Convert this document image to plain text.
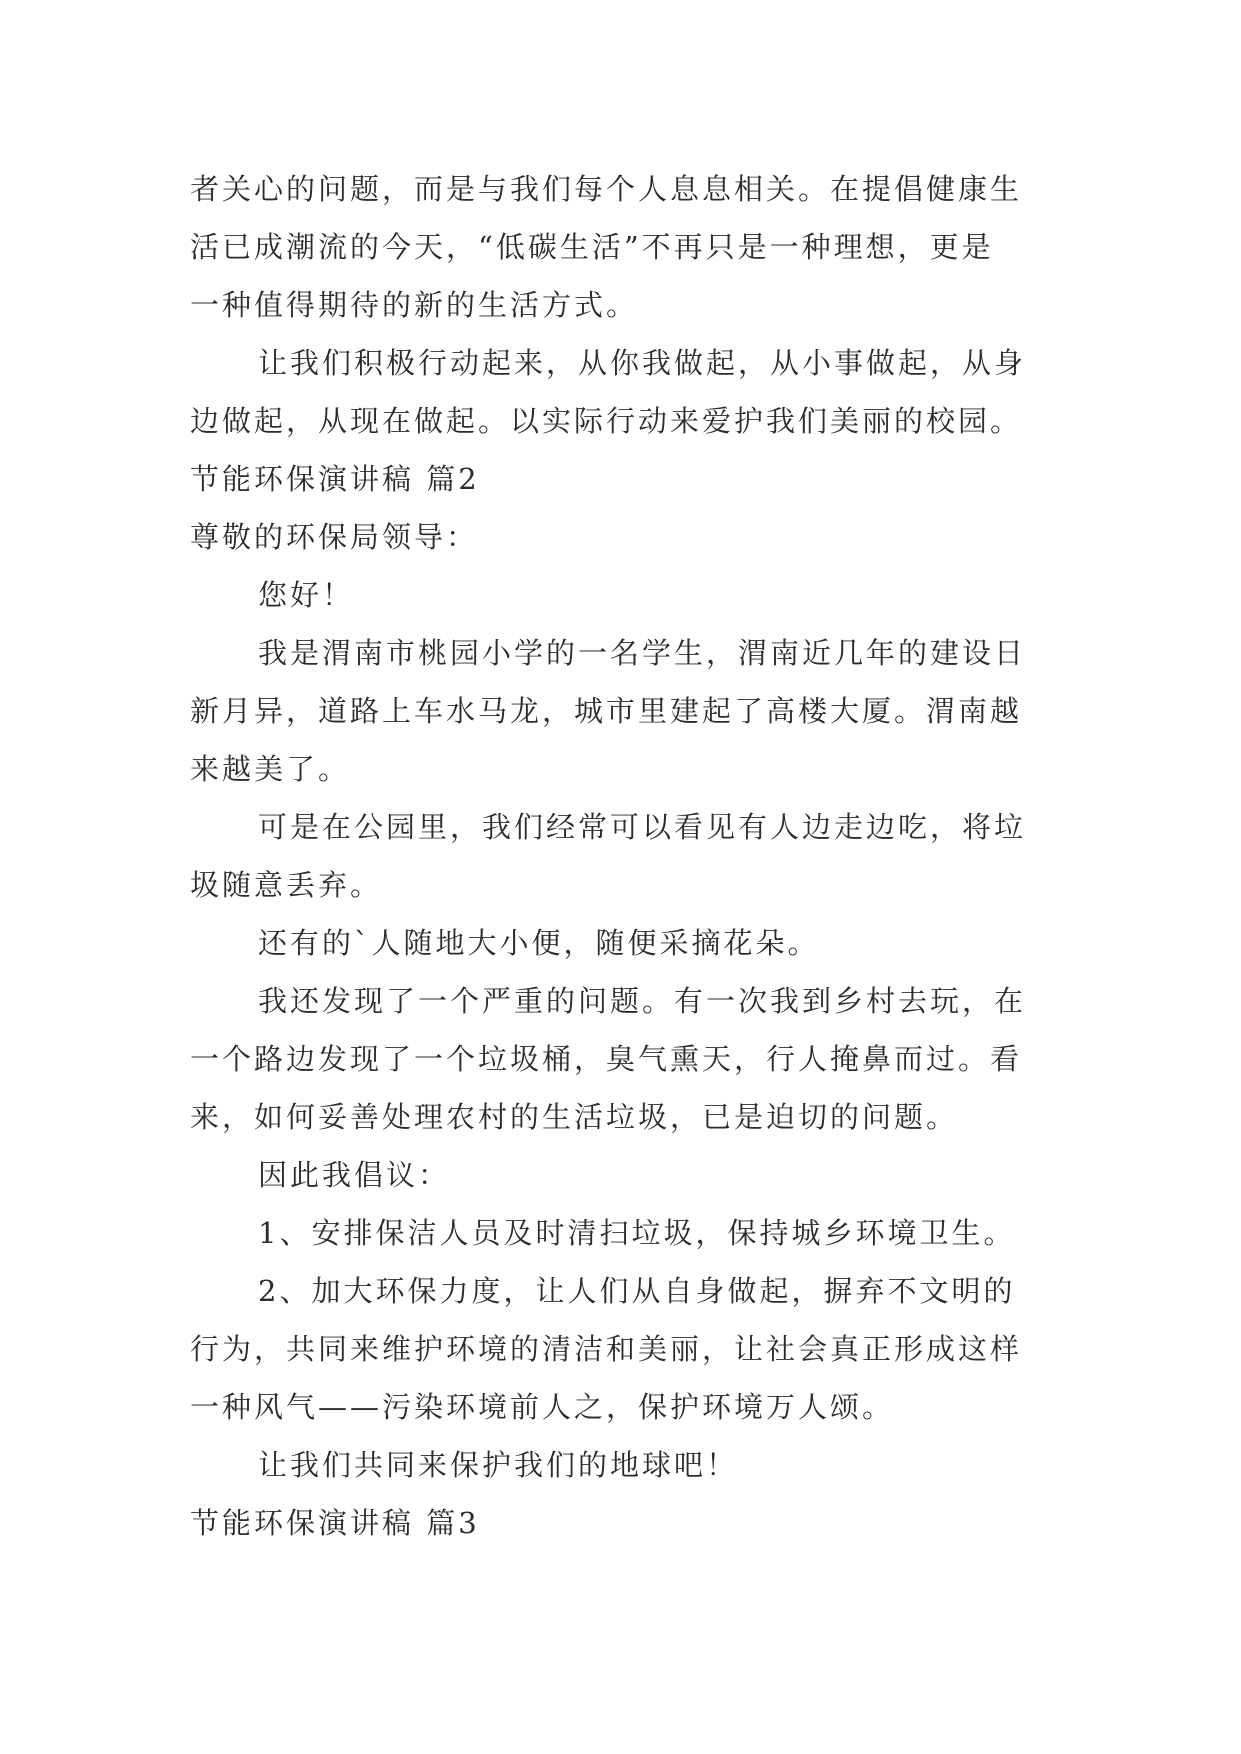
者关心的问题，而是与我们每个人息息相关。在提倡健康生
活已成潮流的今天，“低碳生活”不再只是一种理想，更是
一种值得期待的新的生活方式。
让我们积极行动起来，从你我做起，从小事做起，从身
边做起，从现在做起。以实际行动来爱护我们美丽的校园。
节能环保演讲稿 篇2
尊敬的环保局领导：
您好！
我是渭南市桃园小学的一名学生，渭南近几年的建设日
新月异，道路上车水马龙，城市里建起了高楼大厦。渭南越
来越美了。
可是在公园里，我们经常可以看见有人边走边吃，将垃
圾随意丢弃。
还有的`人随地大小便，随便采摘花朵。
我还发现了一个严重的问题。有一次我到乡村去玩，在
一个路边发现了一个垃圾桶，臭气熏天，行人掩鼻而过。看
来，如何妥善处理农村的生活垃圾，已是迫切的问题。
因此我倡议：
1、安排保洁人员及时清扫垃圾，保持城乡环境卫生。
2、加大环保力度，让人们从自身做起，摒弃不文明的
行为，共同来维护环境的清洁和美丽，让社会真正形成这样
一种风气——污染环境前人之，保护环境万人颂。
让我们共同来保护我们的地球吧！
节能环保演讲稿 篇3
